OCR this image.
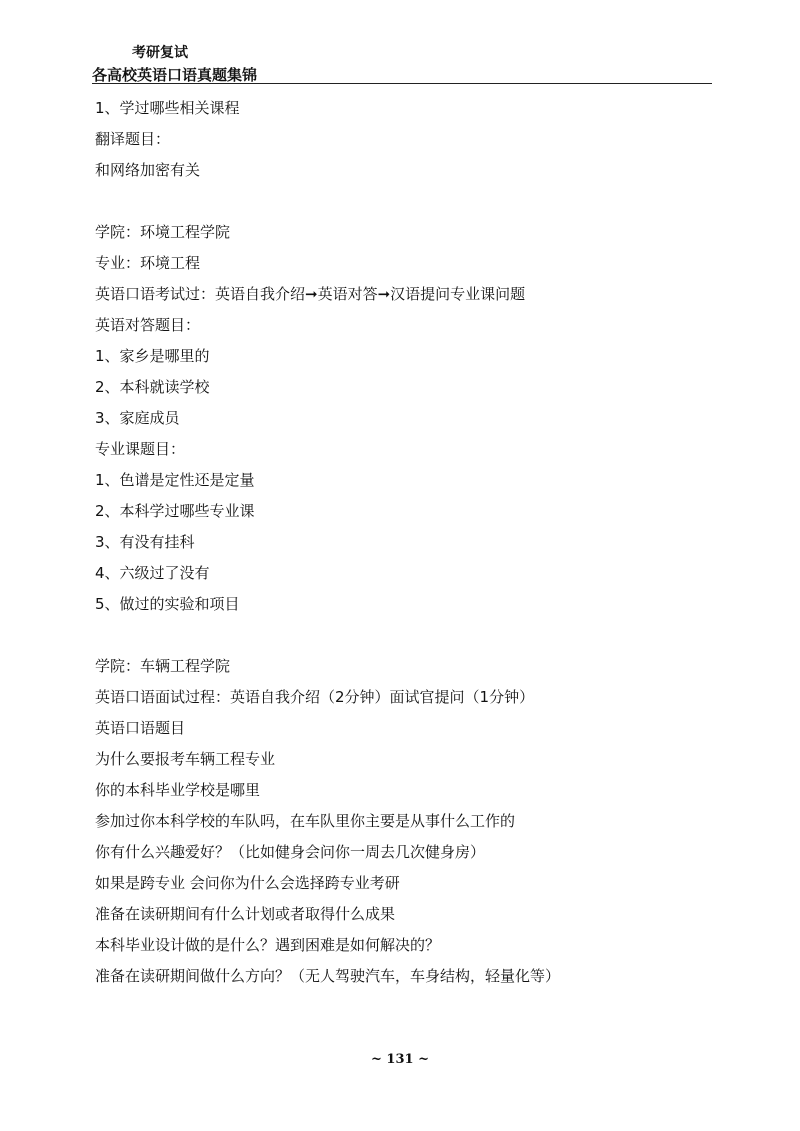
考研复试
各高校英语口语真题集锦
1、学过哪些相关课程
翻译题目：
和网络加密有关
学院：环境工程学院
专业：环境工程
英语口语考试过：英语自我介绍➞英语对答➞汉语提问专业课问题
英语对答题目：
1、家乡是哪里的
2、本科就读学校
3、家庭成员
专业课题目：
1、色谱是定性还是定量
2、本科学过哪些专业课
3、有没有挂科
4、六级过了没有
5、做过的实验和项目
学院：车辆工程学院
英语口语面试过程：英语自我介绍（2分钟）面试官提问（1分钟）
英语口语题目
为什么要报考车辆工程专业
你的本科毕业学校是哪里
参加过你本科学校的车队吗，在车队里你主要是从事什么工作的
你有什么兴趣爱好？（比如健身会问你一周去几次健身房）
如果是跨专业 会问你为什么会选择跨专业考研
准备在读研期间有什么计划或者取得什么成果
本科毕业设计做的是什么？遇到困难是如何解决的？
准备在读研期间做什么方向？（无人驾驶汽车，车身结构，轻量化等）
~ 131 ~
